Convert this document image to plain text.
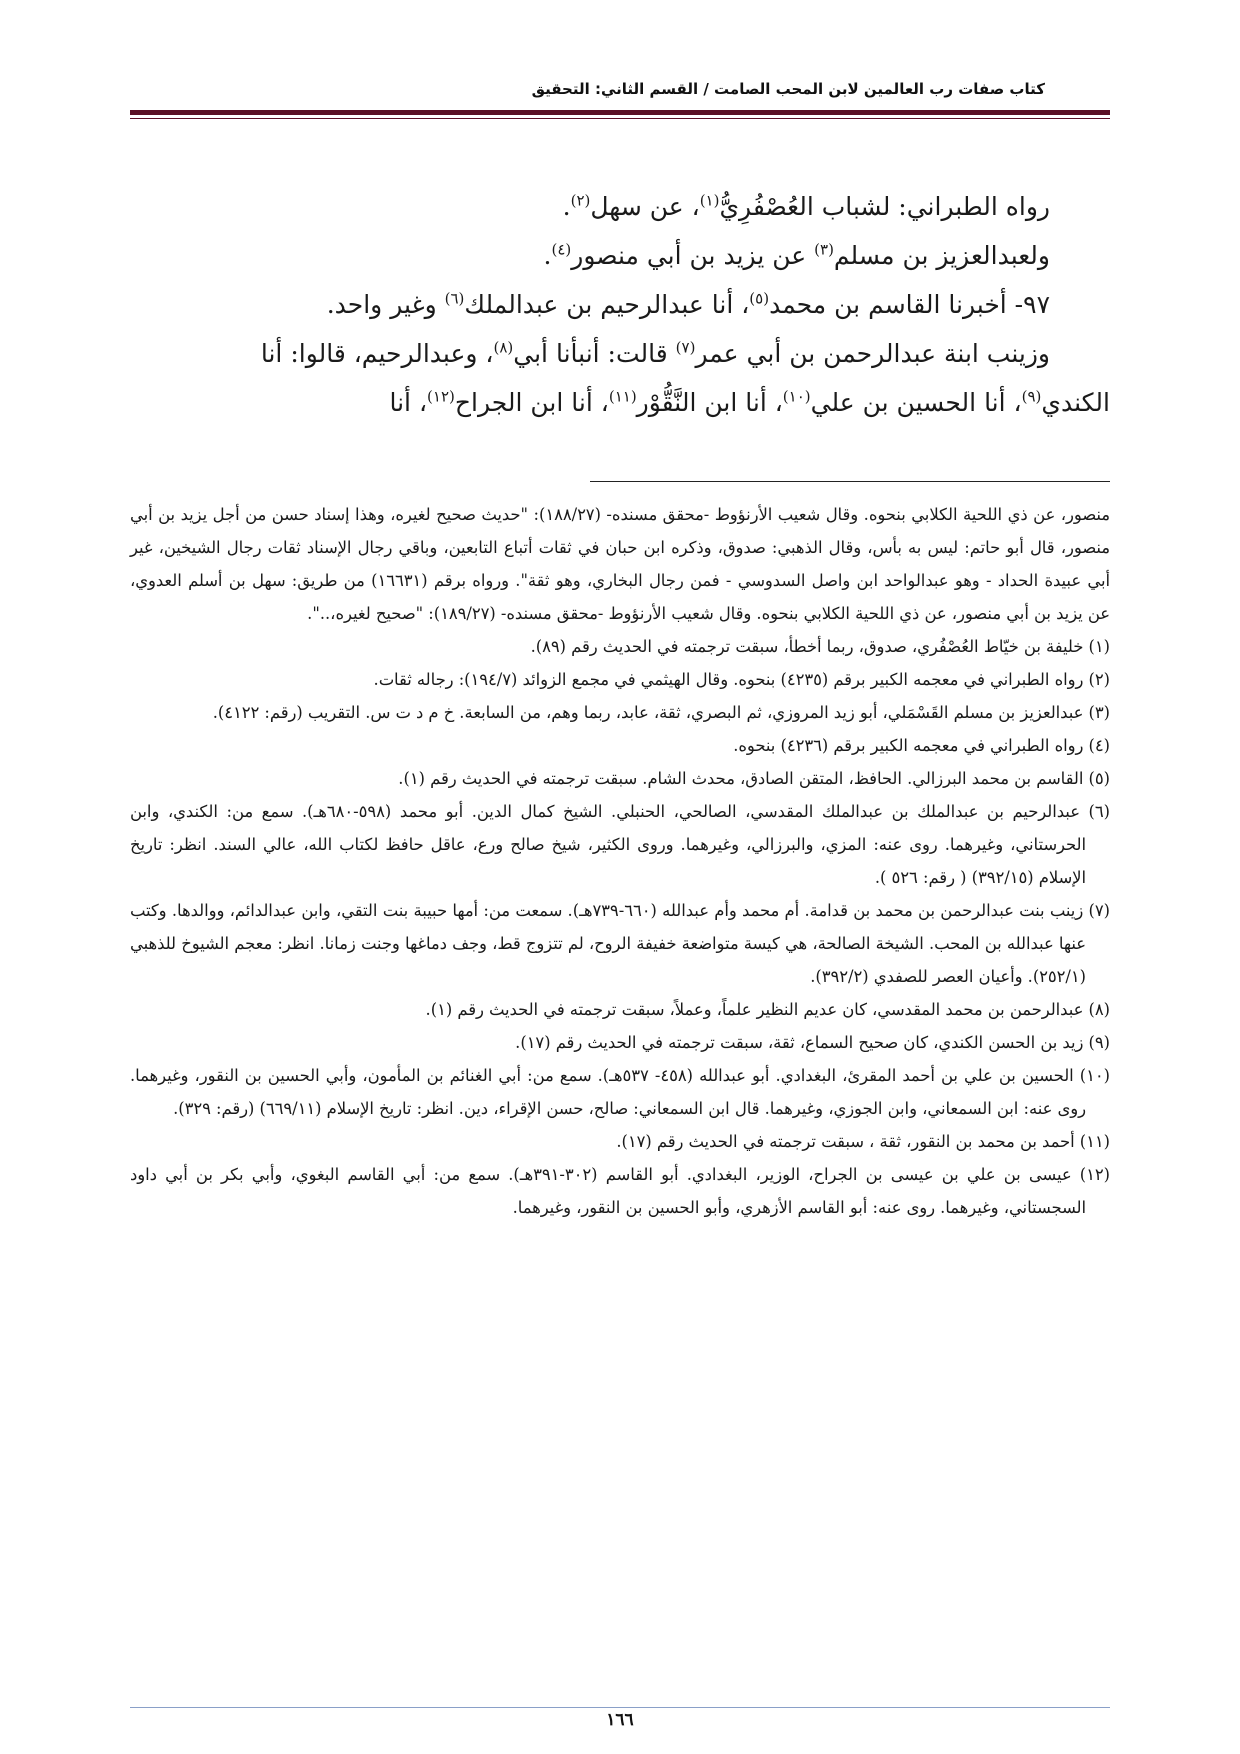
كتاب صفات رب العالمين لابن المحب الصامت / القسم الثاني: التحقيق

رواه الطبراني: لشباب العُصْفُرِيُّ$^{(١)}$، عن سهل$^{(٢)}$.

ولعبدالعزيز بن مسلم$^{(٣)}$ عن يزيد بن أبي منصور$^{(٤)}$.

٩٧- أخبرنا القاسم بن محمد$^{(٥)}$، أنا عبدالرحيم بن عبدالملك$^{(٦)}$ وغير واحد.

وزينب ابنة عبدالرحمن بن أبي عمر$^{(٧)}$ قالت: أنبأنا أبي$^{(٨)}$، وعبدالرحيم، قالوا: أنا

الكندي$^{(٩)}$، أنا الحسين بن علي$^{(١٠)}$، أنا ابن النَّقُّوْر$^{(١١)}$، أنا ابن الجراح$^{(١٢)}$، أنا

منصور، عن ذي اللحية الكلابي بنحوه. وقال شعيب الأرنؤوط -محقق مسنده- (١٨٨/٢٧): "حديث صحيح لغيره، وهذا إسناد حسن من أجل يزيد بن أبي منصور، قال أبو حاتم: ليس به بأس، وقال الذهبي: صدوق، وذكره ابن حبان في ثقات أتباع التابعين، وباقي رجال الإسناد ثقات رجال الشيخين، غير أبي عبيدة الحداد - وهو عبدالواحد ابن واصل السدوسي - فمن رجال البخاري، وهو ثقة". ورواه برقم (١٦٦٣١) من طريق: سهل بن أسلم العدوي، عن يزيد بن أبي منصور، عن ذي اللحية الكلابي بنحوه. وقال شعيب الأرنؤوط -محقق مسنده- (١٨٩/٢٧): "صحيح لغيره،..".

(١) خليفة بن خيّاط العُصْفُري، صدوق، ربما أخطأ، سبقت ترجمته في الحديث رقم (٨٩).

(٢) رواه الطبراني في معجمه الكبير برقم (٤٢٣٥) بنحوه. وقال الهيثمي في مجمع الزوائد (١٩٤/٧): رجاله ثقات.

(٣) عبدالعزيز بن مسلم القَسْمَلي، أبو زيد المروزي، ثم البصري، ثقة، عابد، ربما وهم، من السابعة. خ م د ت س. التقريب (رقم: ٤١٢٢).

(٤) رواه الطبراني في معجمه الكبير برقم (٤٢٣٦) بنحوه.

(٥) القاسم بن محمد البرزالي. الحافظ، المتقن الصادق، محدث الشام. سبقت ترجمته في الحديث رقم (١).

(٦) عبدالرحيم بن عبدالملك بن عبدالملك المقدسي، الصالحي، الحنبلي. الشيخ كمال الدين. أبو محمد (٥٩٨-٦٨٠هـ). سمع من: الكندي، وابن الحرستاني، وغيرهما. روى عنه: المزي، والبرزالي، وغيرهما. وروى الكثير، شيخ صالح ورع، عاقل حافظ لكتاب الله، عالي السند. انظر: تاريخ الإسلام (٣٩٢/١٥) ( رقم: ٥٢٦ ).

(٧) زينب بنت عبدالرحمن بن محمد بن قدامة. أم محمد وأم عبدالله (٦٦٠-٧٣٩هـ). سمعت من: أمها حبيبة بنت التقي، وابن عبدالدائم، ووالدها. وكتب عنها عبدالله بن المحب. الشيخة الصالحة، هي كيسة متواضعة خفيفة الروح، لم تتزوج قط، وجف دماغها وجنت زمانا. انظر: معجم الشيوخ للذهبي (٢٥٢/١). وأعيان العصر للصفدي (٣٩٢/٢).

(٨) عبدالرحمن بن محمد المقدسي، كان عديم النظير علماً، وعملاً، سبقت ترجمته في الحديث رقم (١).

(٩) زيد بن الحسن الكندي، كان صحيح السماع، ثقة، سبقت ترجمته في الحديث رقم (١٧).

(١٠) الحسين بن علي بن أحمد المقرئ، البغدادي. أبو عبدالله (٤٥٨- ٥٣٧هـ). سمع من: أبي الغنائم بن المأمون، وأبي الحسين بن النقور، وغيرهما. روى عنه: ابن السمعاني، وابن الجوزي، وغيرهما. قال ابن السمعاني: صالح، حسن الإقراء، دين. انظر: تاريخ الإسلام (٦٦٩/١١) (رقم: ٣٢٩).

(١١) أحمد بن محمد بن النقور، ثقة ، سبقت ترجمته في الحديث رقم (١٧).

(١٢) عيسى بن علي بن عيسى بن الجراح، الوزير، البغدادي. أبو القاسم (٣٠٢-٣٩١هـ). سمع من: أبي القاسم البغوي، وأبي بكر بن أبي داود السجستاني، وغيرهما. روى عنه: أبو القاسم الأزهري، وأبو الحسين بن النقور، وغيرهما.

١٦٦
